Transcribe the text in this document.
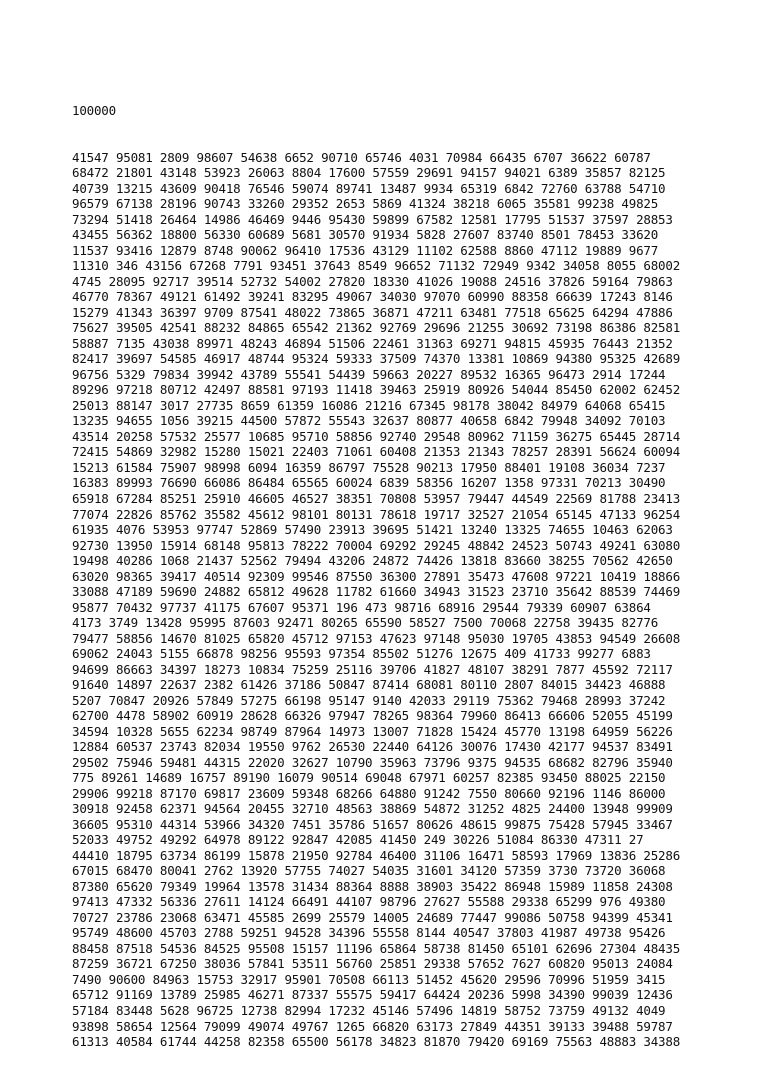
100000

41547 95081 2809 98607 54638 6652 90710 65746 4031 70984 66435 6707 36622 60787
68472 21801 43148 53923 26063 8804 17600 57559 29691 94157 94021 6389 35857 82125
40739 13215 43609 90418 76546 59074 89741 13487 9934 65319 6842 72760 63788 54710
96579 67138 28196 90743 33260 29352 2653 5869 41324 38218 6065 35581 99238 49825
73294 51418 26464 14986 46469 9446 95430 59899 67582 12581 17795 51537 37597 28853
43455 56362 18800 56330 60689 5681 30570 91934 5828 27607 83740 8501 78453 33620
11537 93416 12879 8748 90062 96410 17536 43129 11102 62588 8860 47112 19889 9677
11310 346 43156 67268 7791 93451 37643 8549 96652 71132 72949 9342 34058 8055 68002
4745 28095 92717 39514 52732 54002 27820 18330 41026 19088 24516 37826 59164 79863
46770 78367 49121 61492 39241 83295 49067 34030 97070 60990 88358 66639 17243 8146
15279 41343 36397 9709 87541 48022 73865 36871 47211 63481 77518 65625 64294 47886
75627 39505 42541 88232 84865 65542 21362 92769 29696 21255 30692 73198 86386 82581
58887 7135 43038 89971 48243 46894 51506 22461 31363 69271 94815 45935 76443 21352
82417 39697 54585 46917 48744 95324 59333 37509 74370 13381 10869 94380 95325 42689
96756 5329 79834 39942 43789 55541 54439 59663 20227 89532 16365 96473 2914 17244
89296 97218 80712 42497 88581 97193 11418 39463 25919 80926 54044 85450 62002 62452
25013 88147 3017 27735 8659 61359 16086 21216 67345 98178 38042 84979 64068 65415
13235 94655 1056 39215 44500 57872 55543 32637 80877 40658 6842 79948 34092 70103
43514 20258 57532 25577 10685 95710 58856 92740 29548 80962 71159 36275 65445 28714
72415 54869 32982 15280 15021 22403 71061 60408 21353 21343 78257 28391 56624 60094
15213 61584 75907 98998 6094 16359 86797 75528 90213 17950 88401 19108 36034 7237
16383 89993 76690 66086 86484 65565 60024 6839 58356 16207 1358 97331 70213 30490
65918 67284 85251 25910 46605 46527 38351 70808 53957 79447 44549 22569 81788 23413
77074 22826 85762 35582 45612 98101 80131 78618 19717 32527 21054 65145 47133 96254
61935 4076 53953 97747 52869 57490 23913 39695 51421 13240 13325 74655 10463 62063
92730 13950 15914 68148 95813 78222 70004 69292 29245 48842 24523 50743 49241 63080
19498 40286 1068 21437 52562 79494 43206 24872 74426 13818 83660 38255 70562 42650
63020 98365 39417 40514 92309 99546 87550 36300 27891 35473 47608 97221 10419 18866
33088 47189 59690 24882 65812 49628 11782 61660 34943 31523 23710 35642 88539 74469
95877 70432 97737 41175 67607 95371 196 473 98716 68916 29544 79339 60907 63864
4173 3749 13428 95995 87603 92471 80265 65590 58527 7500 70068 22758 39435 82776
79477 58856 14670 81025 65820 45712 97153 47623 97148 95030 19705 43853 94549 26608
69062 24043 5155 66878 98256 95593 97354 85502 51276 12675 409 41733 99277 6883
94699 86663 34397 18273 10834 75259 25116 39706 41827 48107 38291 7877 45592 72117
91640 14897 22637 2382 61426 37186 50847 87414 68081 80110 2807 84015 34423 46888
5207 70847 20926 57849 57275 66198 95147 9140 42033 29119 75362 79468 28993 37242
62700 4478 58902 60919 28628 66326 97947 78265 98364 79960 86413 66606 52055 45199
34594 10328 5655 62234 98749 87964 14973 13007 71828 15424 45770 13198 64959 56226
12884 60537 23743 82034 19550 9762 26530 22440 64126 30076 17430 42177 94537 83491
29502 75946 59481 44315 22020 32627 10790 35963 73796 9375 94535 68682 82796 35940
775 89261 14689 16757 89190 16079 90514 69048 67971 60257 82385 93450 88025 22150
29906 99218 87170 69817 23609 59348 68266 64880 91242 7550 80660 92196 1146 86000
30918 92458 62371 94564 20455 32710 48563 38869 54872 31252 4825 24400 13948 99909
36605 95310 44314 53966 34320 7451 35786 51657 80626 48615 99875 75428 57945 33467
52033 49752 49292 64978 89122 92847 42085 41450 249 30226 51084 86330 47311 27
44410 18795 63734 86199 15878 21950 92784 46400 31106 16471 58593 17969 13836 25286
67015 68470 80041 2762 13920 57755 74027 54035 31601 34120 57359 3730 73720 36068
87380 65620 79349 19964 13578 31434 88364 8888 38903 35422 86948 15989 11858 24308
97413 47332 56336 27611 14124 66491 44107 98796 27627 55588 29338 65299 976 49380
70727 23786 23068 63471 45585 2699 25579 14005 24689 77447 99086 50758 94399 45341
95749 48600 45703 2788 59251 94528 34396 55558 8144 40547 37803 41987 49738 95426
88458 87518 54536 84525 95508 15157 11196 65864 58738 81450 65101 62696 27304 48435
87259 36721 67250 38036 57841 53511 56760 25851 29338 57652 7627 60820 95013 24084
7490 90600 84963 15753 32917 95901 70508 66113 51452 45620 29596 70996 51959 3415
65712 91169 13789 25985 46271 87337 55575 59417 64424 20236 5998 34390 99039 12436
57184 83448 5628 96725 12738 82994 17232 45146 57496 14819 58752 73759 49132 4049
93898 58654 12564 79099 49074 49767 1265 66820 63173 27849 44351 39133 39488 59787
61313 40584 61744 44258 82358 65500 56178 34823 81870 79420 69169 75563 48883 34388
